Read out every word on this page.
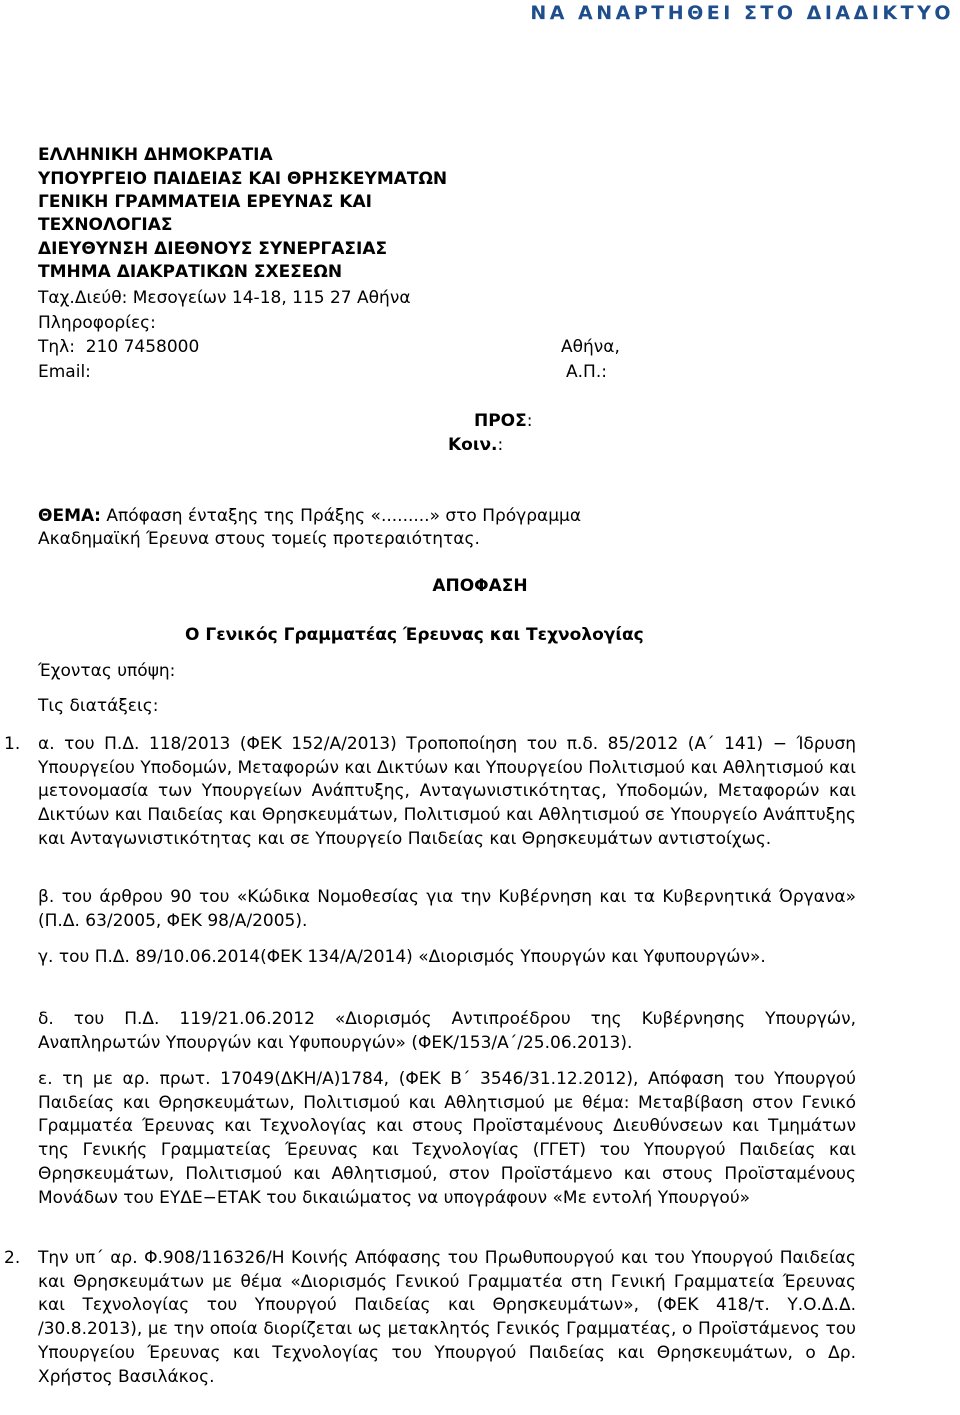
ΝΑ ΑΝΑΡΤΗΘΕΙ ΣΤΟ ΔΙΑΔΙΚΤΥΟ
ΕΛΛΗΝΙΚΗ ΔΗΜΟΚΡΑΤΙΑ
ΥΠΟΥΡΓΕΙΟ ΠΑΙΔΕΙΑΣ ΚΑΙ ΘΡΗΣΚΕΥΜΑΤΩΝ
ΓΕΝΙΚΗ ΓΡΑΜΜΑΤΕΙΑ ΕΡΕΥΝΑΣ ΚΑΙ
ΤΕΧΝΟΛΟΓΙΑΣ
ΔΙΕΥΘΥΝΣΗ ΔΙΕΘΝΟΥΣ ΣΥΝΕΡΓΑΣΙΑΣ
ΤΜΗΜΑ ΔΙΑΚΡΑΤΙΚΩΝ ΣΧΕΣΕΩΝ
Ταχ.Διεύθ: Μεσογείων 14-18, 115 27 Αθήνα
Πληροφορίες:
Τηλ:  210 7458000
Email:
Αθήνα,
Α.Π.:
ΠΡΟΣ:
Κοιν.:
ΘΕΜΑ: Απόφαση ένταξης της Πράξης «.........» στο Πρόγραμμα
Ακαδημαϊκή Έρευνα στους τομείς προτεραιότητας.
ΑΠΟΦΑΣΗ
Ο Γενικός Γραμματέας Έρευνας και Τεχνολογίας
Έχοντας υπόψη:
Τις διατάξεις:
1. α. του Π.Δ. 118/2013 (ΦΕΚ 152/Α/2013) Τροποποίηση του π.δ. 85/2012 (Α΄ 141) − Ίδρυση Υπουργείου Υποδομών, Μεταφορών και Δικτύων και Υπουργείου Πολιτισμού και Αθλητισμού και μετονομασία των Υπουργείων Ανάπτυξης, Ανταγωνιστικότητας, Υποδομών, Μεταφορών και Δικτύων και Παιδείας και Θρησκευμάτων, Πολιτισμού και Αθλητισμού σε Υπουργείο Ανάπτυξης και Ανταγωνιστικότητας και σε Υπουργείο Παιδείας και Θρησκευμάτων αντιστοίχως.
β. του άρθρου 90 του «Κώδικα Νομοθεσίας για την Κυβέρνηση και τα Κυβερνητικά Όργανα» (Π.Δ. 63/2005, ΦΕΚ 98/Α/2005).
γ. του Π.Δ. 89/10.06.2014(ΦΕΚ 134/Α/2014) «Διορισμός Υπουργών και Υφυπουργών».
δ. του Π.Δ. 119/21.06.2012 «Διορισμός Αντιπροέδρου της Κυβέρνησης Υπουργών, Αναπληρωτών Υπουργών και Υφυπουργών» (ΦΕΚ/153/Α΄/25.06.2013).
ε. τη με αρ. πρωτ. 17049(ΔΚΗ/Α)1784, (ΦΕΚ Β΄ 3546/31.12.2012), Απόφαση του Υπουργού Παιδείας και Θρησκευμάτων, Πολιτισμού και Αθλητισμού με θέμα: Μεταβίβαση στον Γενικό Γραμματέα Έρευνας και Τεχνολογίας και στους Προϊσταμένους Διευθύνσεων και Τμημάτων της Γενικής Γραμματείας Έρευνας και Τεχνολογίας (ΓΓΕΤ) του Υπουργού Παιδείας και Θρησκευμάτων, Πολιτισμού και Αθλητισμού, στον Προϊστάμενο και στους Προϊσταμένους Μονάδων του ΕΥΔΕ−ΕΤΑΚ του δικαιώματος να υπογράφουν «Με εντολή Υπουργού»
2. Την υπ΄ αρ. Φ.908/116326/Η Κοινής Απόφασης του Πρωθυπουργού και του Υπουργού Παιδείας και Θρησκευμάτων με θέμα «Διορισμός Γενικού Γραμματέα στη Γενική Γραμματεία Έρευνας και Τεχνολογίας του Υπουργού Παιδείας και Θρησκευμάτων», (ΦΕΚ 418/τ. Υ.Ο.Δ.Δ. /30.8.2013), με την οποία διορίζεται ως μετακλητός Γενικός Γραμματέας, ο Προϊστάμενος του Υπουργείου Έρευνας και Τεχνολογίας του Υπουργού Παιδείας και Θρησκευμάτων, ο Δρ. Χρήστος Βασιλάκος.
